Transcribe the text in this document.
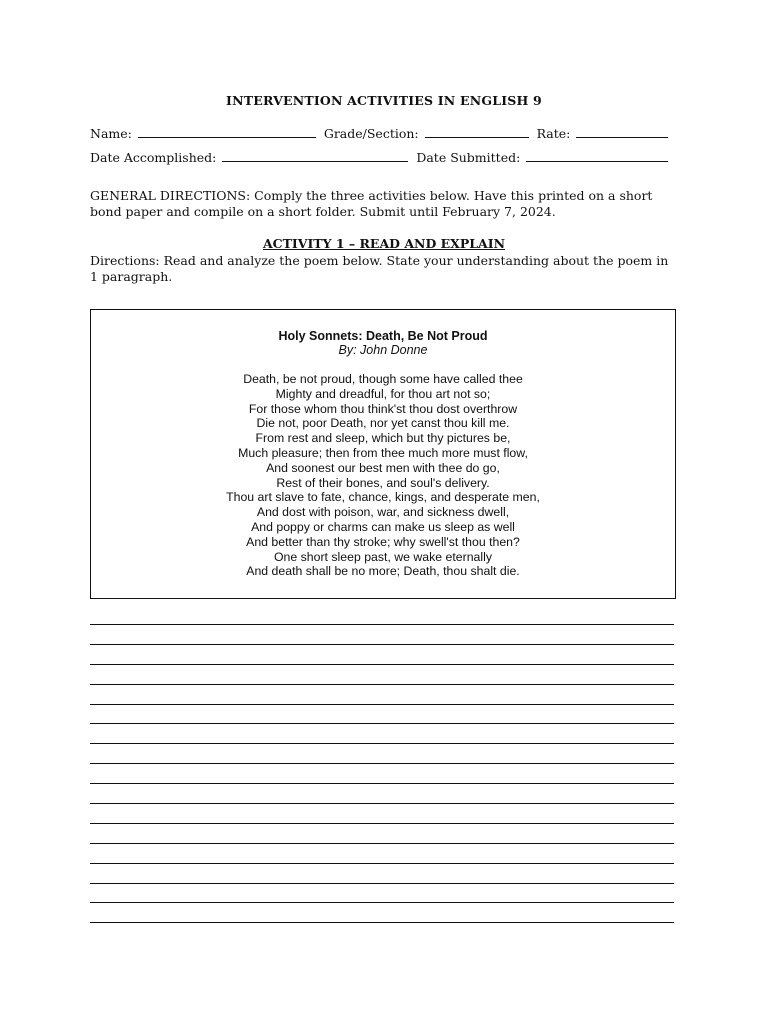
INTERVENTION ACTIVITIES IN ENGLISH 9
Name:	Grade/Section:	Rate:
Date Accomplished:	Date Submitted:
GENERAL DIRECTIONS: Comply the three activities below. Have this printed on a short bond paper and compile on a short folder. Submit until February 7, 2024.
ACTIVITY 1 – READ AND EXPLAIN
Directions: Read and analyze the poem below. State your understanding about the poem in 1 paragraph.
Holy Sonnets: Death, Be Not Proud
By: John Donne
Death, be not proud, though some have called thee
Mighty and dreadful, for thou art not so;
For those whom thou think'st thou dost overthrow
Die not, poor Death, nor yet canst thou kill me.
From rest and sleep, which but thy pictures be,
Much pleasure; then from thee much more must flow,
And soonest our best men with thee do go,
Rest of their bones, and soul's delivery.
Thou art slave to fate, chance, kings, and desperate men,
And dost with poison, war, and sickness dwell,
And poppy or charms can make us sleep as well
And better than thy stroke; why swell'st thou then?
One short sleep past, we wake eternally
And death shall be no more; Death, thou shalt die.
